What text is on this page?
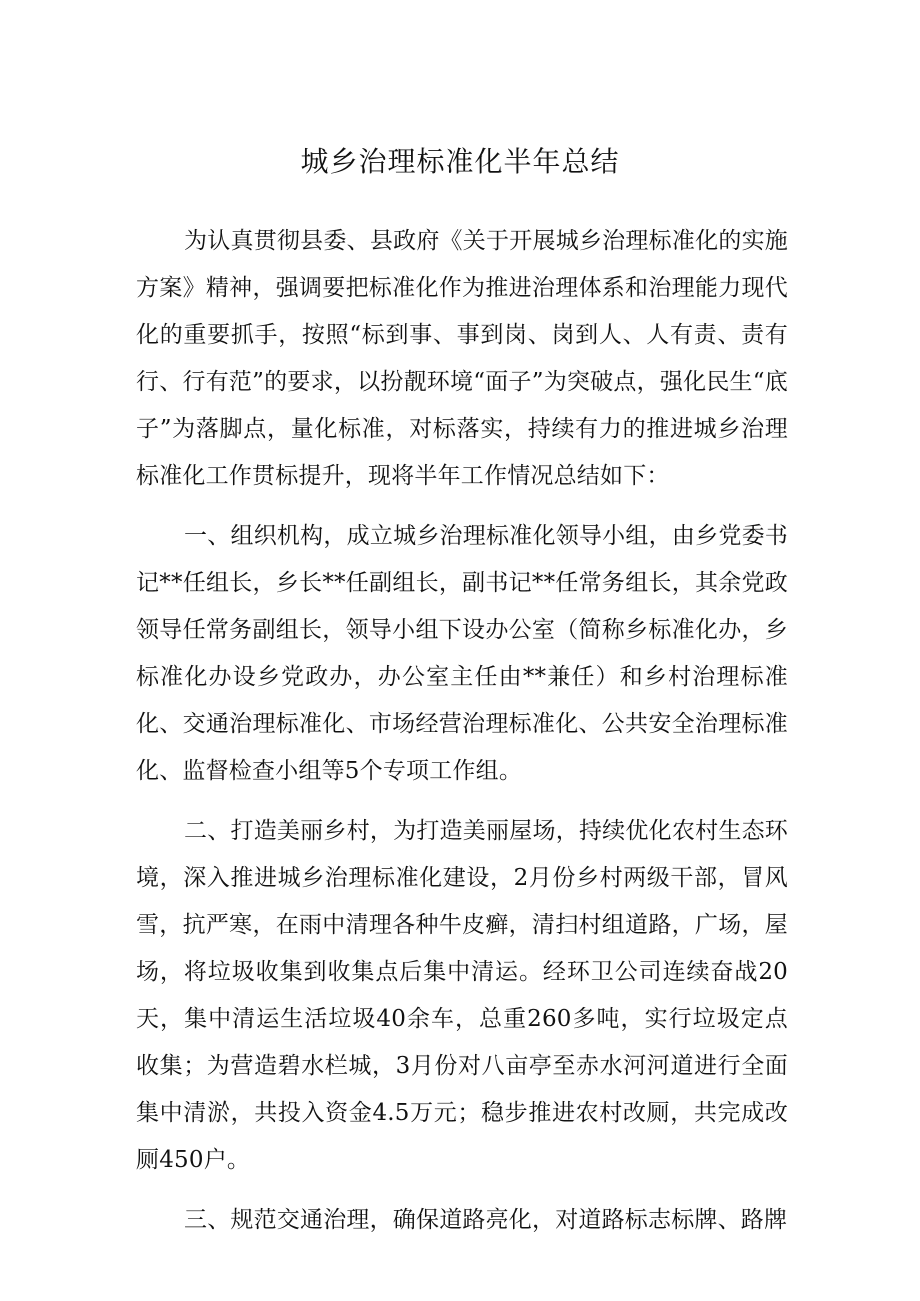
城乡治理标准化半年总结

为认真贯彻县委、县政府《关于开展城乡治理标准化的实施方案》精神，强调要把标准化作为推进治理体系和治理能力现代化的重要抓手，按照“标到事、事到岗、岗到人、人有责、责有行、行有范”的要求，以扮靓环境“面子”为突破点，强化民生“底子”为落脚点，量化标准，对标落实，持续有力的推进城乡治理标准化工作贯标提升，现将半年工作情况总结如下：

一、组织机构，成立城乡治理标准化领导小组，由乡党委书记**任组长，乡长**任副组长，副书记**任常务组长，其余党政领导任常务副组长，领导小组下设办公室（简称乡标准化办，乡标准化办设乡党政办，办公室主任由**兼任）和乡村治理标准化、交通治理标准化、市场经营治理标准化、公共安全治理标准化、监督检查小组等5个专项工作组。

二、打造美丽乡村，为打造美丽屋场，持续优化农村生态环境，深入推进城乡治理标准化建设，2月份乡村两级干部，冒风雪，抗严寒，在雨中清理各种牛皮癣，清扫村组道路，广场，屋场，将垃圾收集到收集点后集中清运。经环卫公司连续奋战20天，集中清运生活垃圾40余车，总重260多吨，实行垃圾定点收集；为营造碧水栏城，3月份对八亩亭至赤水河河道进行全面集中清淤，共投入资金4.5万元；稳步推进农村改厕，共完成改厕450户。

三、规范交通治理，确保道路亮化，对道路标志标牌、路牌
